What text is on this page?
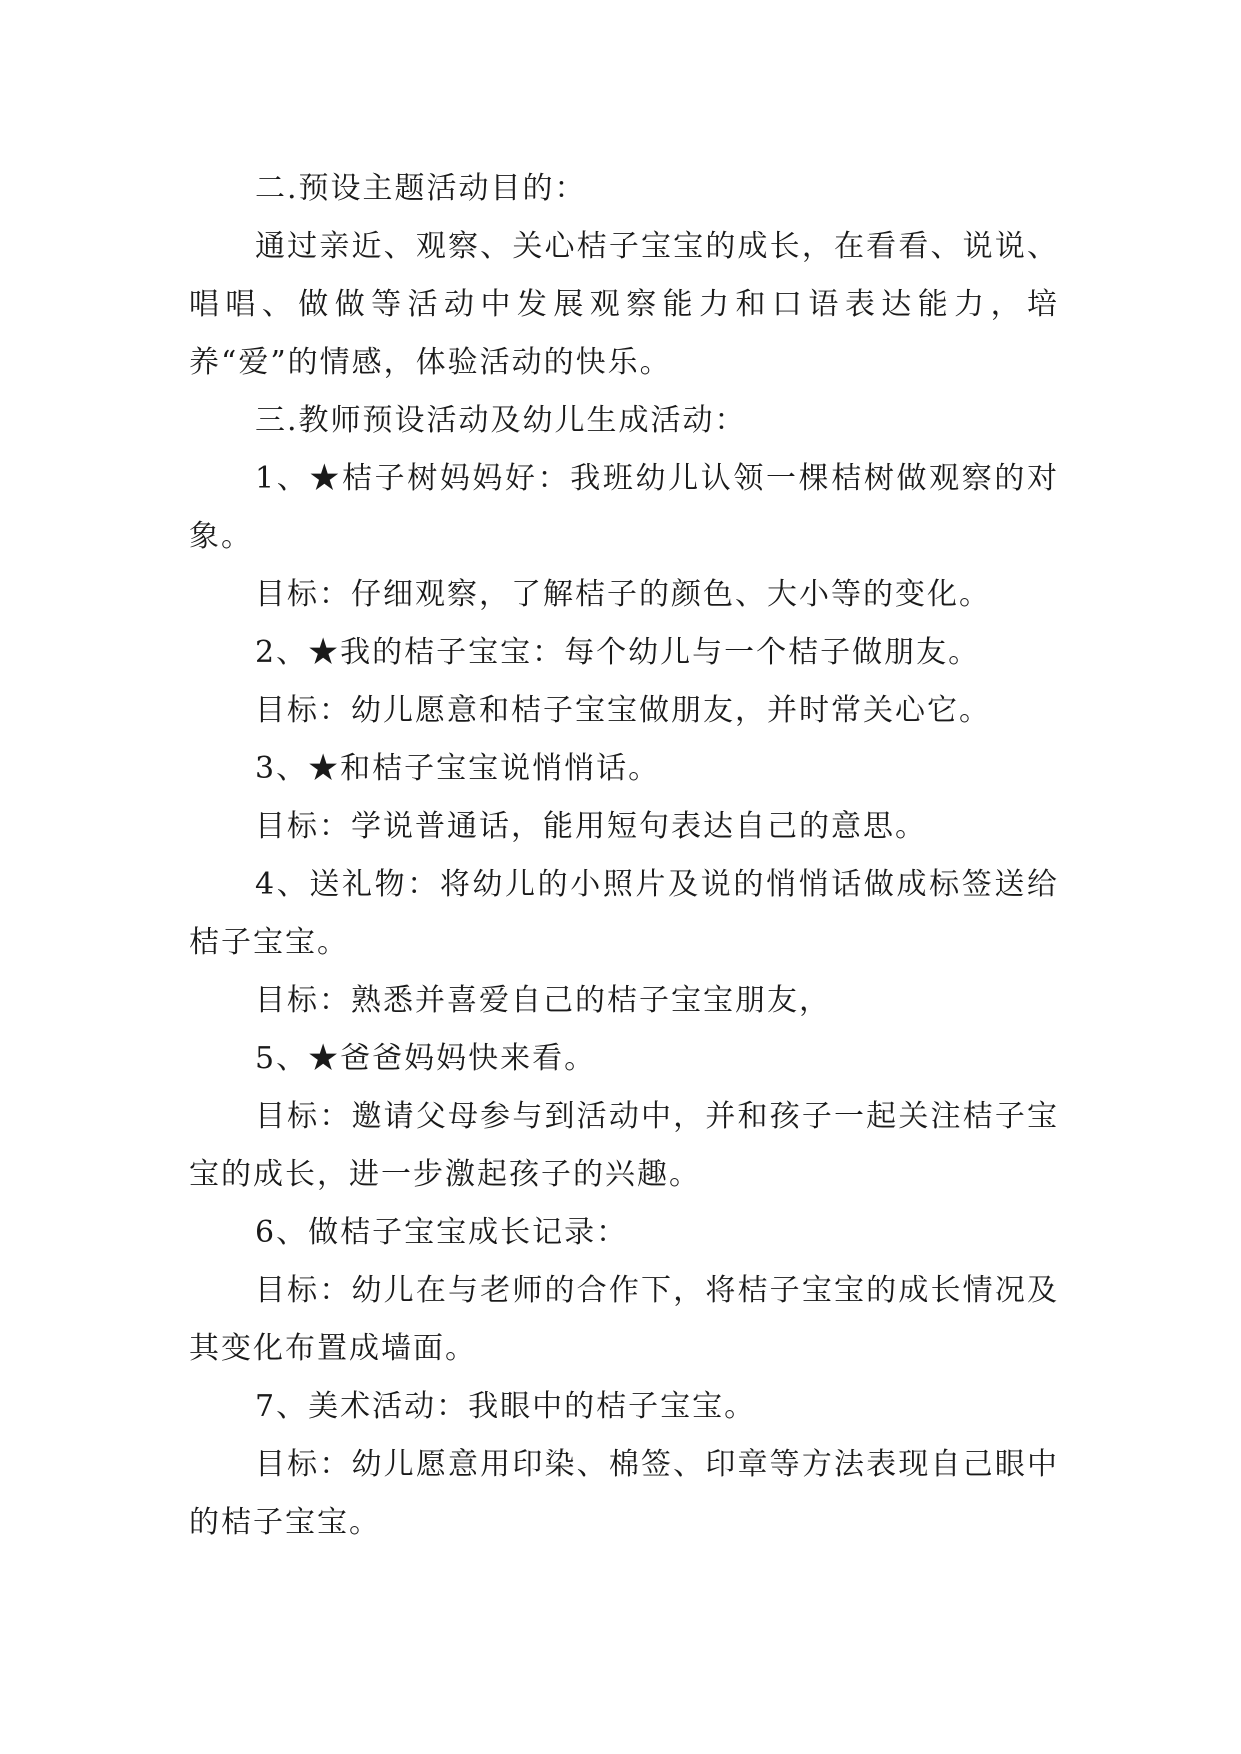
二.预设主题活动目的：

通过亲近、观察、关心桔子宝宝的成长，在看看、说说、唱唱、做做等活动中发展观察能力和口语表达能力，培养“爱”的情感，体验活动的快乐。

三.教师预设活动及幼儿生成活动：

1、★桔子树妈妈好：我班幼儿认领一棵桔树做观察的对象。

目标：仔细观察，了解桔子的颜色、大小等的变化。

2、★我的桔子宝宝：每个幼儿与一个桔子做朋友。

目标：幼儿愿意和桔子宝宝做朋友，并时常关心它。

3、★和桔子宝宝说悄悄话。

目标：学说普通话，能用短句表达自己的意思。

4、送礼物：将幼儿的小照片及说的悄悄话做成标签送给桔子宝宝。

目标：熟悉并喜爱自己的桔子宝宝朋友，

5、★爸爸妈妈快来看。

目标：邀请父母参与到活动中，并和孩子一起关注桔子宝宝的成长，进一步激起孩子的兴趣。

6、做桔子宝宝成长记录：

目标：幼儿在与老师的合作下，将桔子宝宝的成长情况及其变化布置成墙面。

7、美术活动：我眼中的桔子宝宝。

目标：幼儿愿意用印染、棉签、印章等方法表现自己眼中的桔子宝宝。
